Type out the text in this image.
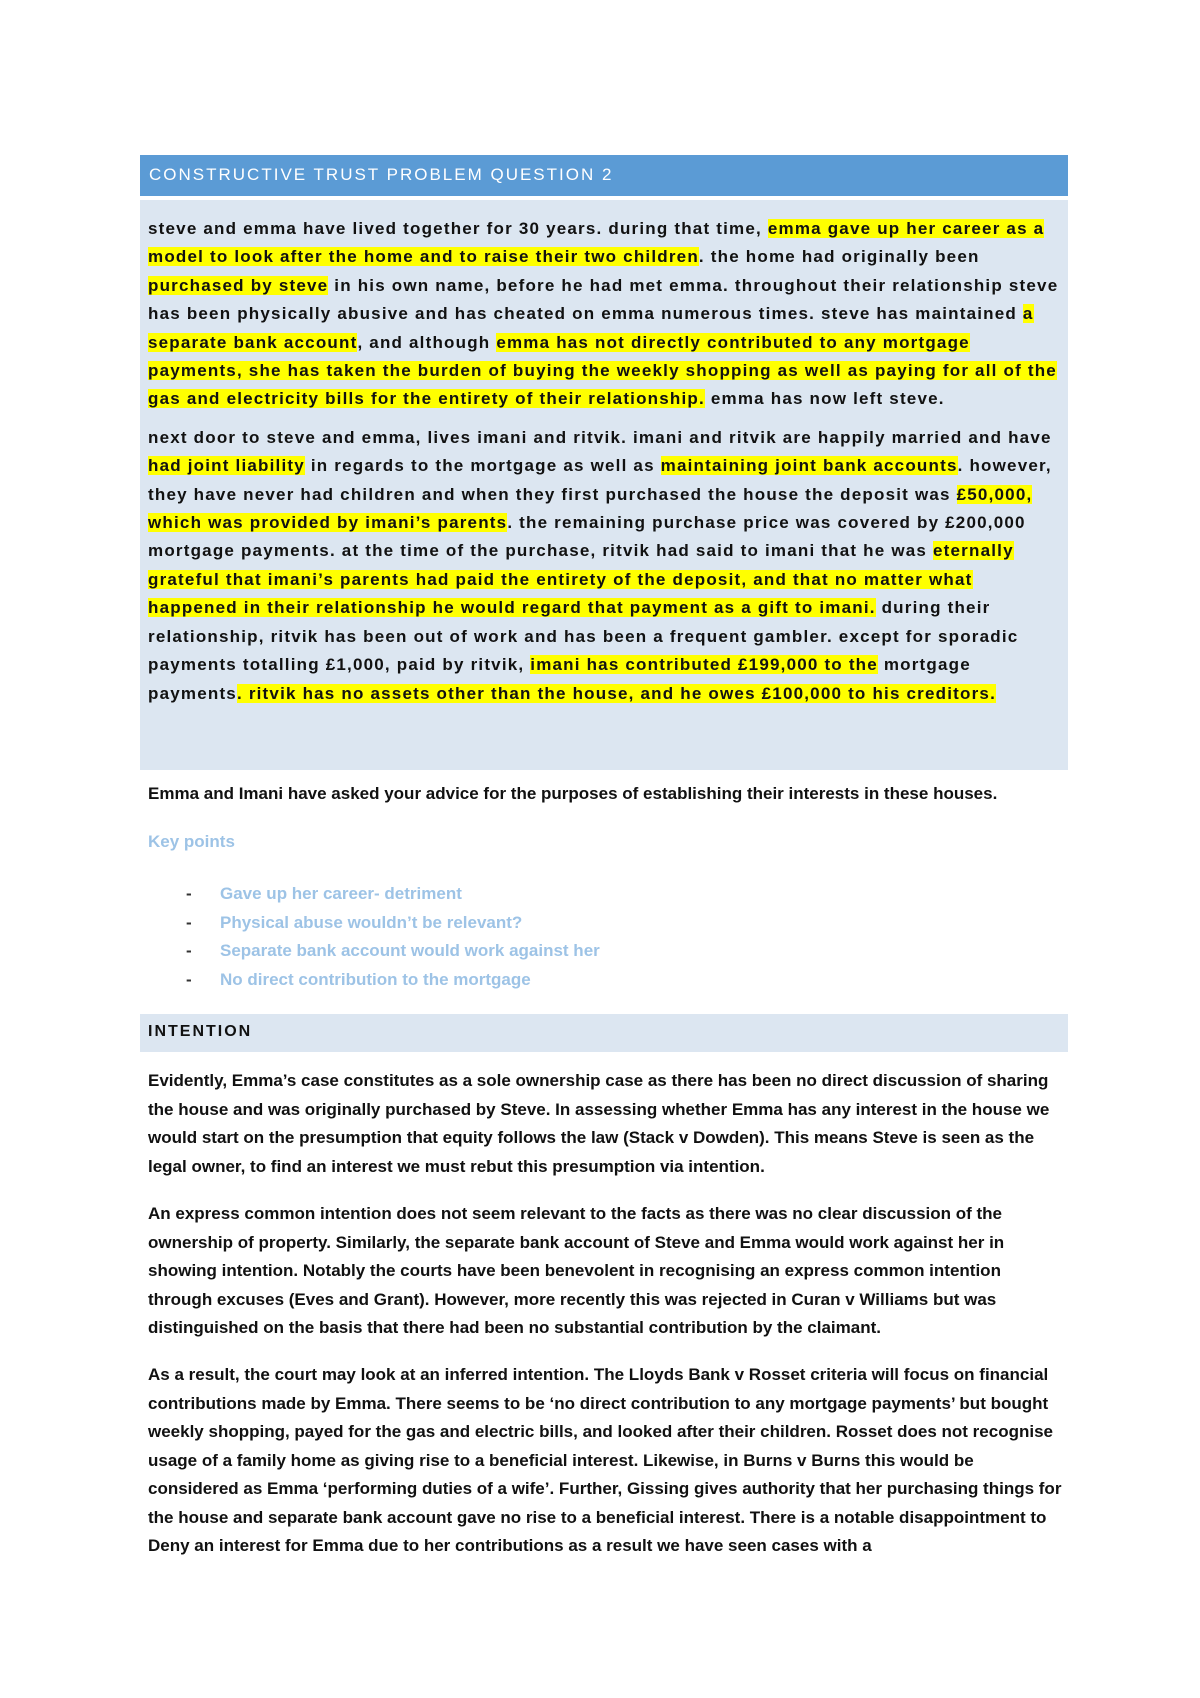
CONSTRUCTIVE TRUST PROBLEM QUESTION 2

steve and emma have lived together for 30 years. during that time, emma gave up her career as a model to look after the home and to raise their two children. the home had originally been purchased by steve in his own name, before he had met emma. throughout their relationship steve has been physically abusive and has cheated on emma numerous times. steve has maintained a separate bank account, and although emma has not directly contributed to any mortgage payments, she has taken the burden of buying the weekly shopping as well as paying for all of the gas and electricity bills for the entirety of their relationship. emma has now left steve.

next door to steve and emma, lives imani and ritvik. imani and ritvik are happily married and have had joint liability in regards to the mortgage as well as maintaining joint bank accounts. however, they have never had children and when they first purchased the house the deposit was £50,000, which was provided by imani’s parents. the remaining purchase price was covered by £200,000 mortgage payments. at the time of the purchase, ritvik had said to imani that he was eternally grateful that imani’s parents had paid the entirety of the deposit, and that no matter what happened in their relationship he would regard that payment as a gift to imani. during their relationship, ritvik has been out of work and has been a frequent gambler. except for sporadic payments totalling £1,000, paid by ritvik, imani has contributed £199,000 to the mortgage payments. ritvik has no assets other than the house, and he owes £100,000 to his creditors.

Emma and Imani have asked your advice for the purposes of establishing their interests in these houses.

Key points

-	Gave up her career- detriment
-	Physical abuse wouldn’t be relevant?
-	Separate bank account would work against her
-	No direct contribution to the mortgage
INTENTION

Evidently, Emma’s case constitutes as a sole ownership case as there has been no direct discussion of sharing the house and was originally purchased by Steve. In assessing whether Emma has any interest in the house we would start on the presumption that equity follows the law (Stack v Dowden). This means Steve is seen as the legal owner, to find an interest we must rebut this presumption via intention.

An express common intention does not seem relevant to the facts as there was no clear discussion of the ownership of property. Similarly, the separate bank account of Steve and Emma would work against her in showing intention. Notably the courts have been benevolent in recognising an express common intention through excuses (Eves and Grant). However, more recently this was rejected in Curan v Williams but was distinguished on the basis that there had been no substantial contribution by the claimant.

As a result, the court may look at an inferred intention. The Lloyds Bank v Rosset criteria will focus on financial contributions made by Emma. There seems to be ‘no direct contribution to any mortgage payments’ but bought weekly shopping, payed for the gas and electric bills, and looked after their children. Rosset does not recognise usage of a family home as giving rise to a beneficial interest. Likewise, in Burns v Burns this would be considered as Emma ‘performing duties of a wife’. Further, Gissing gives authority that her purchasing things for the house and separate bank account gave no rise to a beneficial interest. There is a notable disappointment to Deny an interest for Emma due to her contributions as a result we have seen cases with a
